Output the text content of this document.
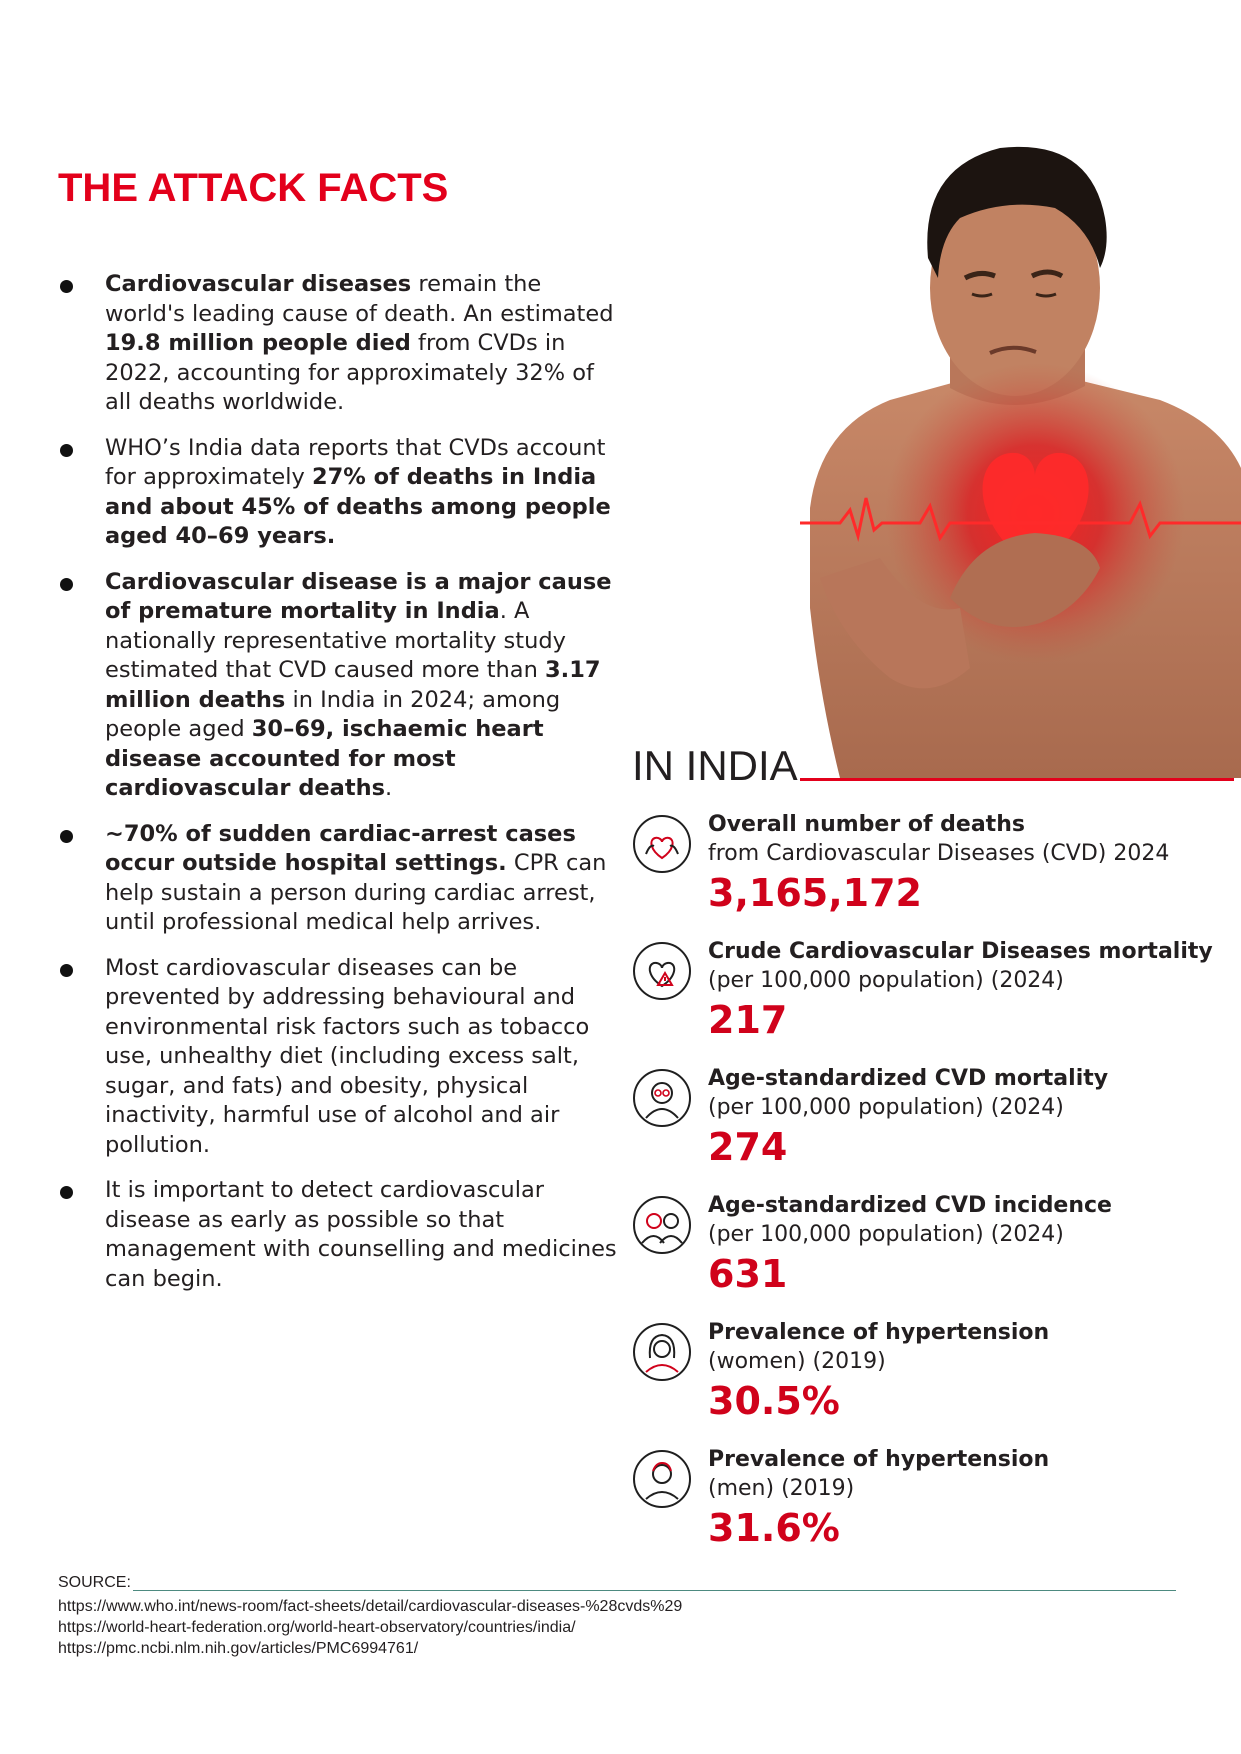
THE ATTACK FACTS
Cardiovascular diseases remain the world's leading cause of death. An estimated 19.8 million people died from CVDs in 2022, accounting for approximately 32% of all deaths worldwide.
WHO’s India data reports that CVDs account for approximately 27% of deaths in India and about 45% of deaths among people aged 40–69 years.
Cardiovascular disease is a major cause of premature mortality in India. A nationally representative mortality study estimated that CVD caused more than 3.17 million deaths in India in 2024; among people aged 30–69, ischaemic heart disease accounted for most cardiovascular deaths.
~70% of sudden cardiac-arrest cases occur outside hospital settings. CPR can help sustain a person during cardiac arrest, until professional medical help arrives.
Most cardiovascular diseases can be prevented by addressing behavioural and environmental risk factors such as tobacco use, unhealthy diet (including excess salt, sugar, and fats) and obesity, physical inactivity, harmful use of alcohol and air pollution.
It is important to detect cardiovascular disease as early as possible so that management with counselling and medicines can begin.
IN INDIA
Overall number of deaths
from Cardiovascular Diseases (CVD) 2024
3,165,172
Crude Cardiovascular Diseases mortality
(per 100,000 population) (2024)
217
Age-standardized CVD mortality
(per 100,000 population) (2024)
274
Age-standardized CVD incidence
(per 100,000 population) (2024)
631
Prevalence of hypertension
(women) (2019)
30.5%
Prevalence of hypertension
(men) (2019)
31.6%
SOURCE:
https://www.who.int/news-room/fact-sheets/detail/cardiovascular-diseases-%28cvds%29
https://world-heart-federation.org/world-heart-observatory/countries/india/
https://pmc.ncbi.nlm.nih.gov/articles/PMC6994761/
